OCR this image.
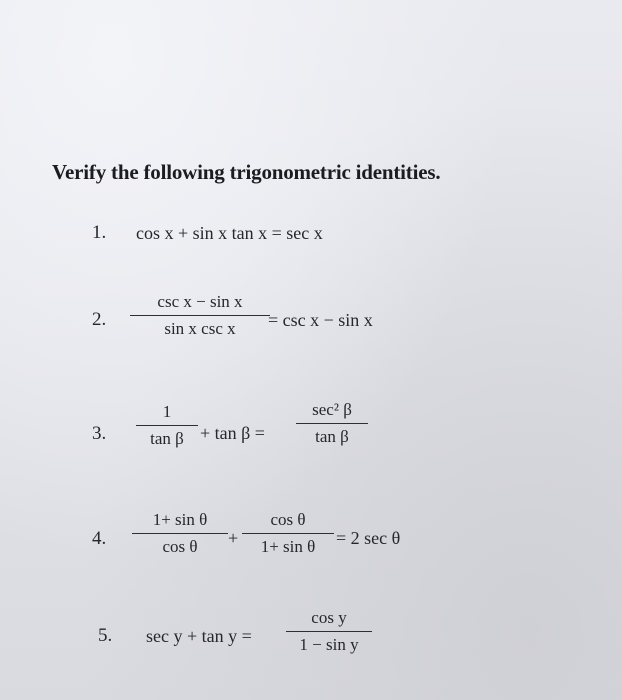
Verify the following trigonometric identities.
1. cos x + sin x tan x = sec x
2.
csc x − sin x
sin x csc x	= csc x − sin x
3.
1
tan β + tan β =
sec² β
tan β
4.
1+ sin θ
cos θ	+
cos θ
1+ sin θ	= 2 sec θ
5. sec y + tan y =
cos y
1 − sin y
